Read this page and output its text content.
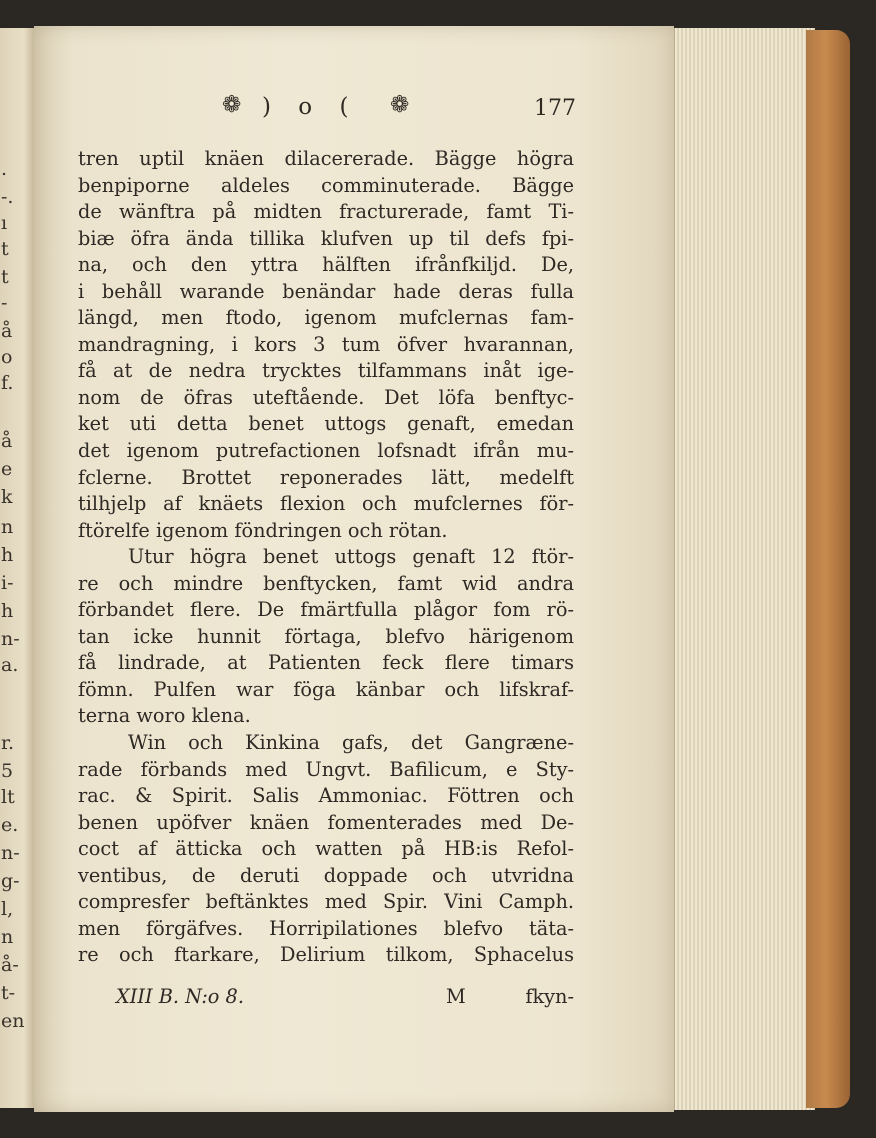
.
-.
ı
t
t
-
å
o
f.
å
e
k
n
h
i-
h
n-
a.
r.
5
lt
e.
n-
g-
l,
n
å-
t-
en
❁ ) o ( ❁	177
tren uptil knäen dilacererade. Bägge högra
benpiporne aldeles comminuterade. Bägge
de wänftra på midten fracturerade, famt Ti-
biæ öfra ända tillika klufven up til defs fpi-
na, och den yttra hälften ifrånfkiljd. De,
i behåll warande benändar hade deras fulla
längd, men ftodo, igenom mufclernas fam-
mandragning, i kors 3 tum öfver hvarannan,
få at de nedra trycktes tilfammans inåt ige-
nom de öfras uteftående. Det löfa benftyc-
ket uti detta benet uttogs genaft, emedan
det igenom putrefactionen lofsnadt ifrån mu-
fclerne. Brottet reponerades lätt, medelft
tilhjelp af knäets flexion och mufclernes för-
ftörelfe igenom föndringen och rötan.
Utur högra benet uttogs genaft 12 ftör-
re och mindre benftycken, famt wid andra
förbandet flere. De fmärtfulla plågor fom rö-
tan icke hunnit förtaga, blefvo härigenom
få lindrade, at Patienten feck flere timars
fömn. Pulfen war föga känbar och lifskraf-
terna woro klena.
Win och Kinkina gafs, det Gangræne-
rade förbands med Ungvt. Bafilicum, e Sty-
rac. & Spirit. Salis Ammoniac. Föttren och
benen upöfver knäen fomenterades med De-
coct af ätticka och watten på HB:is Refol-
ventibus, de deruti doppade och utvridna
compresfer beftänktes med Spir. Vini Camph.
men förgäfves. Horripilationes blefvo täta-
re och ftarkare, Delirium tilkom, Sphacelus
XIII B. N:o 8.	M	fkyn-
